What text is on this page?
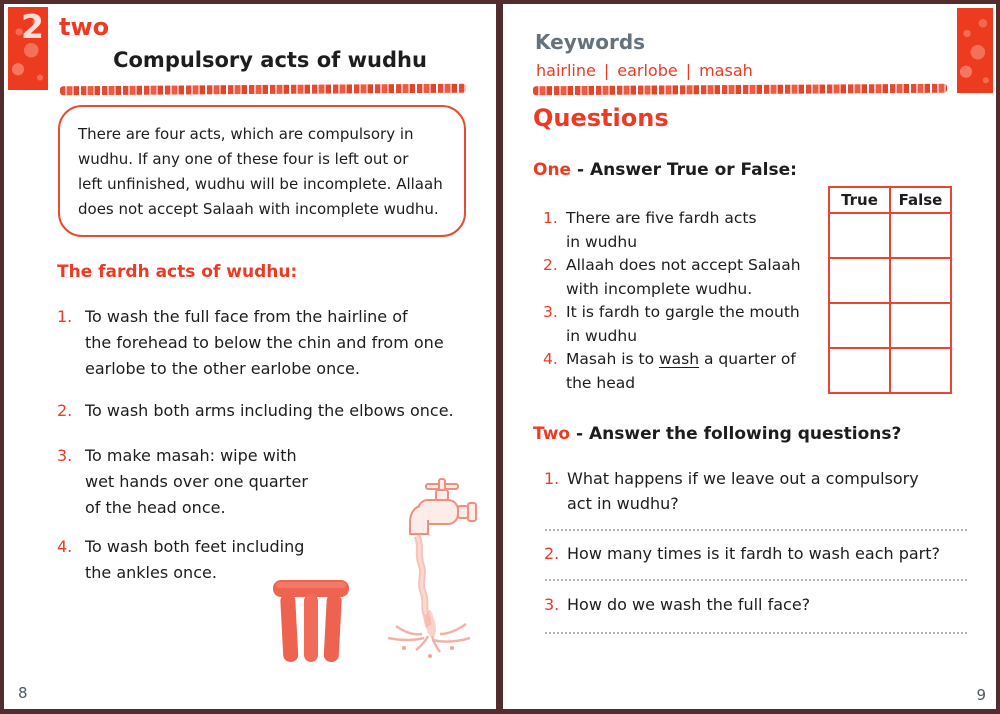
2 two
Compulsory acts of wudhu
There are four acts, which are compulsory in
wudhu. If any one of these four is left out or
left unfinished, wudhu will be incomplete. Allaah
does not accept Salaah with incomplete wudhu.
The fardh acts of wudhu:
1. To wash the full face from the hairline of
the forehead to below the chin and from one
earlobe to the other earlobe once.
2. To wash both arms including the elbows once.
3. To make masah: wipe with
wet hands over one quarter
of the head once.
4. To wash both feet including
the ankles once.
8
Keywords
hairline | earlobe | masah
Questions
One - Answer True or False:
True	False

1. There are five fardh acts
in wudhu
2. Allaah does not accept Salaah
with incomplete wudhu.
3. It is fardh to gargle the mouth
in wudhu
4. Masah is to wash a quarter of
the head
Two - Answer the following questions?
1. What happens if we leave out a compulsory
act in wudhu?
2. How many times is it fardh to wash each part?
3. How do we wash the full face?
9
